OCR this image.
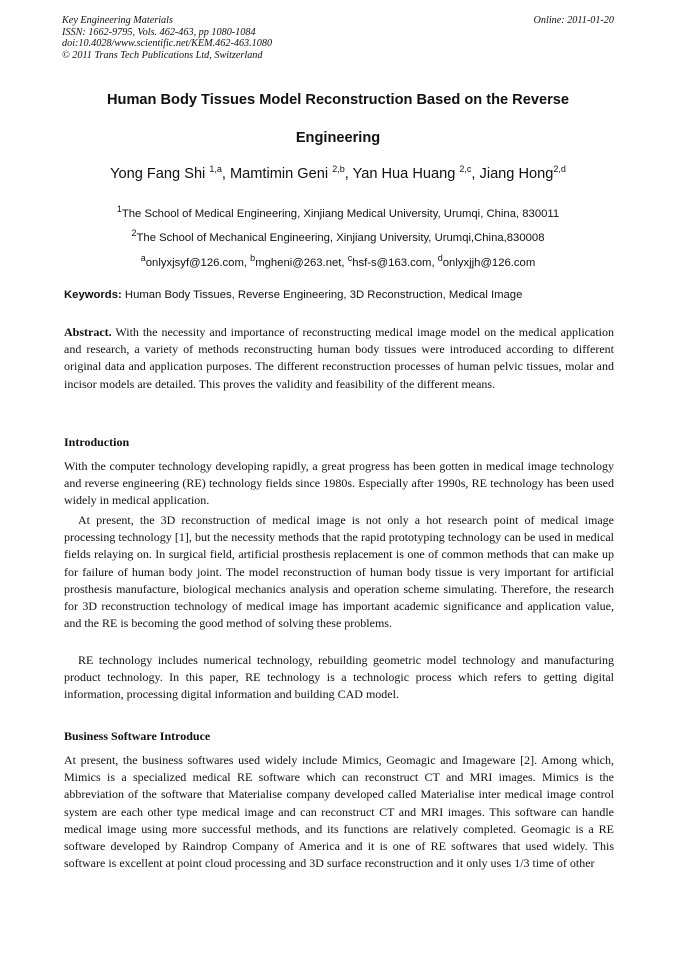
Key Engineering Materials
ISSN: 1662-9795, Vols. 462-463, pp 1080-1084
doi:10.4028/www.scientific.net/KEM.462-463.1080
© 2011 Trans Tech Publications Ltd, Switzerland
Online: 2011-01-20
Human Body Tissues Model Reconstruction Based on the Reverse
Engineering
Yong Fang Shi $^{1,a}$, Mamtimin Geni $^{2,b}$, Yan Hua Huang $^{2,c}$, Jiang Hong$^{2,d}$
$^1$The School of Medical Engineering, Xinjiang Medical University, Urumqi, China, 830011
$^2$The School of Mechanical Engineering, Xinjiang University, Urumqi,China,830008
$^a$onlyxjsyf@126.com, $^b$mgheni@263.net, $^c$hsf-s@163.com, $^d$onlyxjjh@126.com
Keywords: Human Body Tissues, Reverse Engineering, 3D Reconstruction, Medical Image
Abstract. With the necessity and importance of reconstructing medical image model on the medical application and research, a variety of methods reconstructing human body tissues were introduced according to different original data and application purposes. The different reconstruction processes of human pelvic tissues, molar and incisor models are detailed. This proves the validity and feasibility of the different means.
Introduction
With the computer technology developing rapidly, a great progress has been gotten in medical image technology and reverse engineering (RE) technology fields since 1980s. Especially after 1990s, RE technology has been used widely in medical application.
At present, the 3D reconstruction of medical image is not only a hot research point of medical image processing technology [1], but the necessity methods that the rapid prototyping technology can be used in medical fields relaying on. In surgical field, artificial prosthesis replacement is one of common methods that can make up for failure of human body joint. The model reconstruction of human body tissue is very important for artificial prosthesis manufacture, biological mechanics analysis and operation scheme simulating. Therefore, the research for 3D reconstruction technology of medical image has important academic significance and application value, and the RE is becoming the good method of solving these problems.
RE technology includes numerical technology, rebuilding geometric model technology and manufacturing product technology. In this paper, RE technology is a technologic process which refers to getting digital information, processing digital information and building CAD model.
Business Software Introduce
At present, the business softwares used widely include Mimics, Geomagic and Imageware [2]. Among which, Mimics is a specialized medical RE software which can reconstruct CT and MRI images. Mimics is the abbreviation of the software that Materialise company developed called Materialise inter medical image control system are each other type medical image and can reconstruct CT and MRI images. This software can handle medical image using more successful methods, and its functions are relatively completed. Geomagic is a RE software developed by Raindrop Company of America and it is one of RE softwares that used widely. This software is excellent at point cloud processing and 3D surface reconstruction and it only uses 1/3 time of other
